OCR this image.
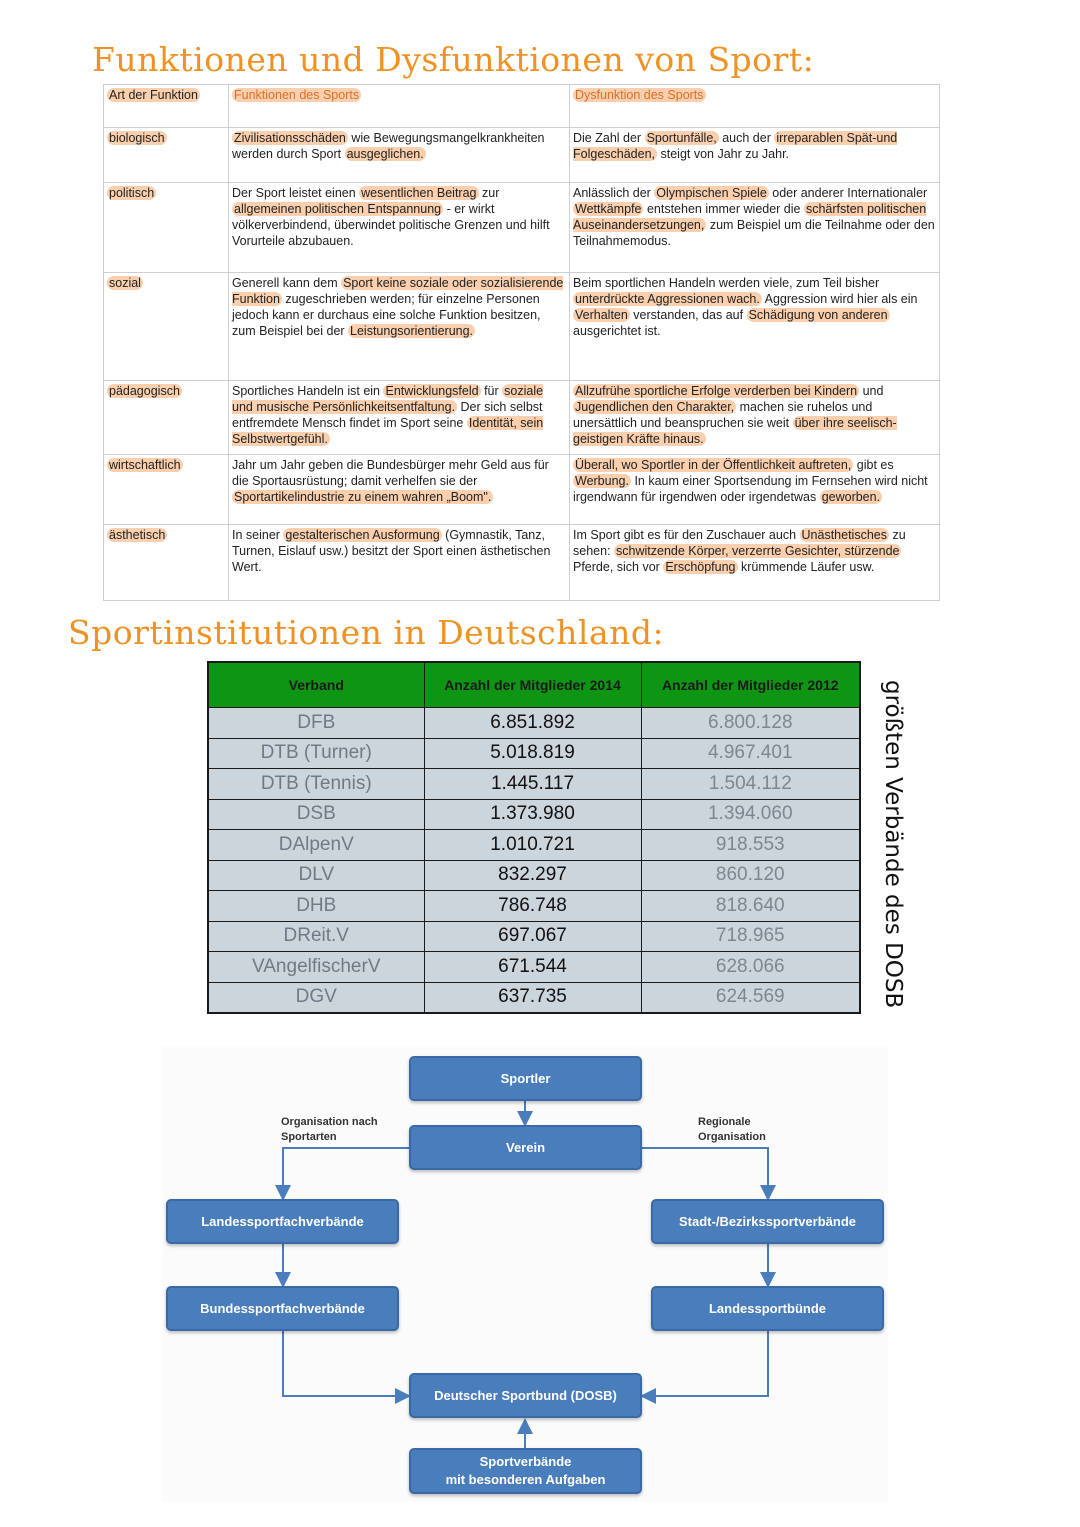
Funktionen und Dysfunktionen von Sport:
Art der Funktion	Funktionen des Sports	Dysfunktion des Sports
biologisch	Zivilisationsschäden wie Bewegungsmangelkrankheiten werden durch Sport ausgeglichen.	Die Zahl der Sportunfälle, auch der irreparablen Spät-und Folgeschäden, steigt von Jahr zu Jahr.
politisch	Der Sport leistet einen wesentlichen Beitrag zur allgemeinen politischen Entspannung - er wirkt völkerverbindend, überwindet politische Grenzen und hilft Vorurteile abzubauen.	Anlässlich der Olympischen Spiele oder anderer Internationaler Wettkämpfe entstehen immer wieder die schärfsten politischen Auseinandersetzungen, zum Beispiel um die Teilnahme oder den Teilnahmemodus.
sozial	Generell kann dem Sport keine soziale oder sozialisierende Funktion zugeschrieben werden; für einzelne Personen jedoch kann er durchaus eine solche Funktion besitzen, zum Beispiel bei der Leistungsorientierung.	Beim sportlichen Handeln werden viele, zum Teil bisher unterdrückte Aggressionen wach. Aggression wird hier als ein Verhalten verstanden, das auf Schädigung von anderen ausgerichtet ist.
pädagogisch	Sportliches Handeln ist ein Entwicklungsfeld für soziale und musische Persönlichkeitsentfaltung. Der sich selbst entfremdete Mensch findet im Sport seine Identität, sein Selbstwertgefühl.	Allzufrühe sportliche Erfolge verderben bei Kindern und Jugendlichen den Charakter, machen sie ruhelos und unersättlich und beanspruchen sie weit über ihre seelisch-geistigen Kräfte hinaus.
wirtschaftlich	Jahr um Jahr geben die Bundesbürger mehr Geld aus für die Sportausrüstung; damit verhelfen sie der Sportartikelindustrie zu einem wahren „Boom".	Überall, wo Sportler in der Öffentlichkeit auftreten, gibt es Werbung. In kaum einer Sportsendung im Fernsehen wird nicht irgendwann für irgendwen oder irgendetwas geworben.
ästhetisch	In seiner gestalterischen Ausformung (Gymnastik, Tanz, Turnen, Eislauf usw.) besitzt der Sport einen ästhetischen Wert.	Im Sport gibt es für den Zuschauer auch Unästhetisches zu sehen: schwitzende Körper, verzerrte Gesichter, stürzende Pferde, sich vor Erschöpfung krümmende Läufer usw.
Sportinstitutionen in Deutschland:
Verband	Anzahl der Mitglieder 2014	Anzahl der Mitglieder 2012
DFB	6.851.892	6.800.128
DTB (Turner)	5.018.819	4.967.401
DTB (Tennis)	1.445.117	1.504.112
DSB	1.373.980	1.394.060
DAlpenV	1.010.721	918.553
DLV	832.297	860.120
DHB	786.748	818.640
DReit.V	697.067	718.965
VAngelfischerV	671.544	628.066
DGV	637.735	624.569	größten Verbände des DOSB
Organisation nach
Sportarten
Regionale
Organisation
Sportler
Verein
Landessportfachverbände	Stadt-/Bezirkssportverbände
Bundessportfachverbände	Landessportbünde
Deutscher Sportbund (DOSB)
Sportverbände
mit besonderen Aufgaben
